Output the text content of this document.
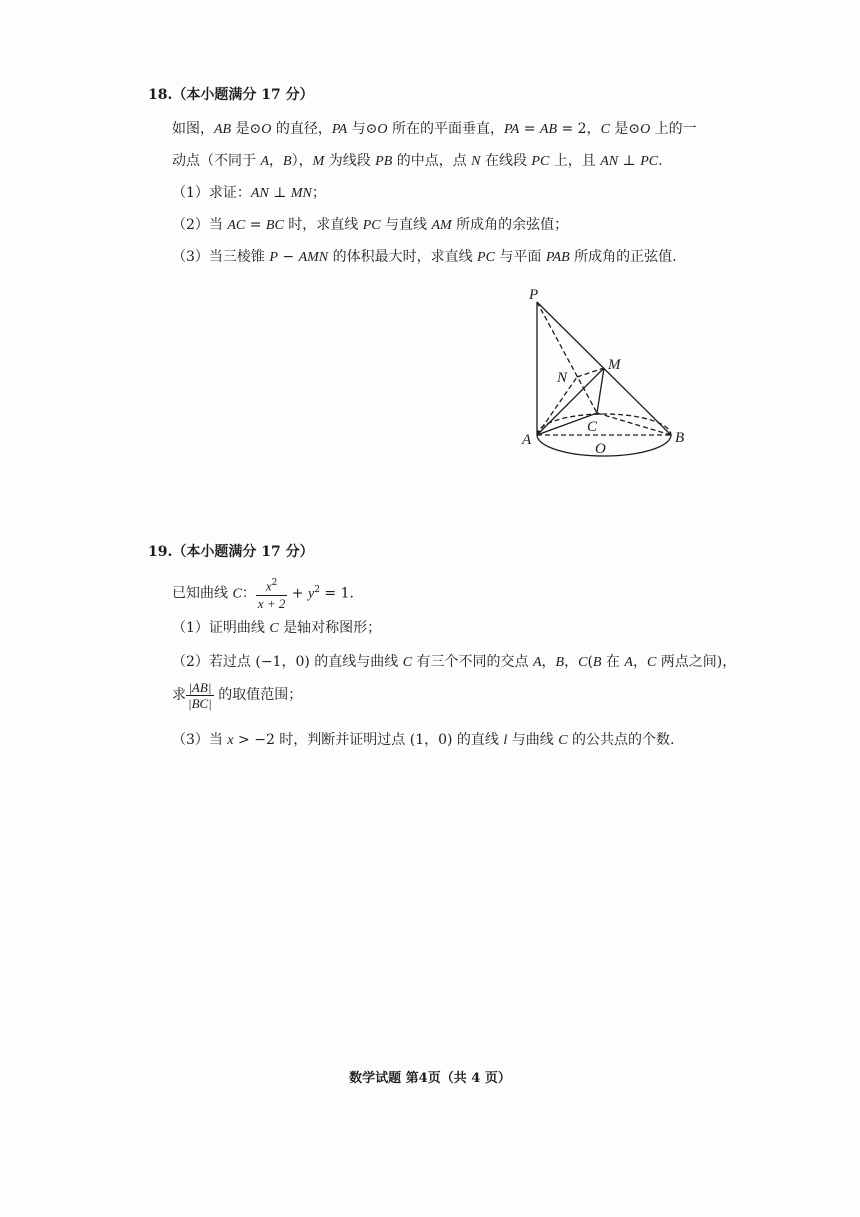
18.（本小题满分 17 分）
如图，AB 是⊙O 的直径，PA 与⊙O 所在的平面垂直，PA = AB = 2，C 是⊙O 上的一
动点（不同于 A，B），M 为线段 PB 的中点，点 N 在线段 PC 上，且 AN ⊥ PC.
（1）求证：AN ⊥ MN；
（2）当 AC = BC 时，求直线 PC 与直线 AM 所成角的余弦值；
（3）当三棱锥 P − AMN 的体积最大时，求直线 PC 与平面 PAB 所成角的正弦值.
P
M
N
C
A	B
O
19.（本小题满分 17 分）
已知曲线 C： $\frac{x^2}{x + 2} + y^2 = 1$.
（1）证明曲线 C 是轴对称图形；
（2）若过点 (−1，0) 的直线与曲线 C 有三个不同的交点 A，B，C(B 在 A，C 两点之间)，
求 $\frac{|AB|}{|BC|}$ 的取值范围；
（3）当 x > −2 时，判断并证明过点 (1，0) 的直线 l 与曲线 C 的公共点的个数.
数学试题 第4页（共 4 页）
